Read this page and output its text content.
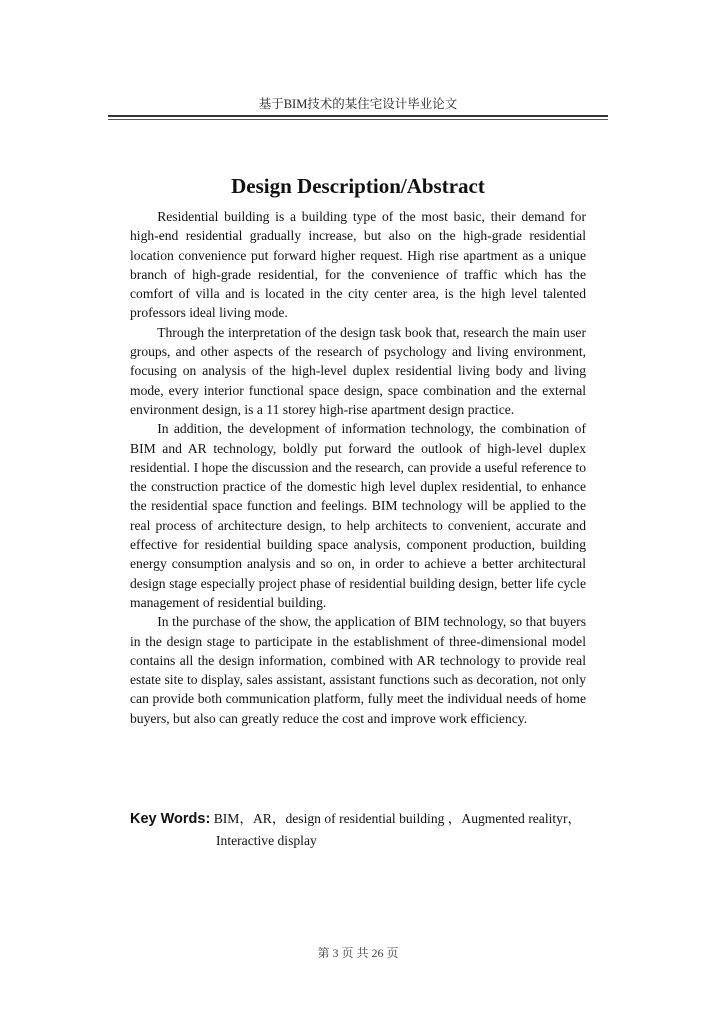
基于BIM技术的某住宅设计毕业论文
Design Description/Abstract

Residential building is a building type of the most basic, their demand for high-end residential gradually increase, but also on the high-grade residential location convenience put forward higher request. High rise apartment as a unique branch of high-grade residential, for the convenience of traffic which has the comfort of villa and is located in the city center area, is the high level talented professors ideal living mode.

Through the interpretation of the design task book that, research the main user groups, and other aspects of the research of psychology and living environment, focusing on analysis of the high-level duplex residential living body and living mode, every interior functional space design, space combination and the external environment design, is a 11 storey high-rise apartment design practice.

In addition, the development of information technology, the combination of BIM and AR technology, boldly put forward the outlook of high-level duplex residential. I hope the discussion and the research, can provide a useful reference to the construction practice of the domestic high level duplex residential, to enhance the residential space function and feelings. BIM technology will be applied to the real process of architecture design, to help architects to convenient, accurate and effective for residential building space analysis, component production, building energy consumption analysis and so on, in order to achieve a better architectural design stage especially project phase of residential building design, better life cycle management of residential building.

In the purchase of the show, the application of BIM technology, so that buyers in the design stage to participate in the establishment of three-dimensional model contains all the design information, combined with AR technology to provide real estate site to display, sales assistant, assistant functions such as decoration, not only can provide both communication platform, fully meet the individual needs of home buyers, but also can greatly reduce the cost and improve work efficiency.

Key Words: BIM，AR，design of residential building ，Augmented realityr，
Interactive display
第 3 页 共 26 页
